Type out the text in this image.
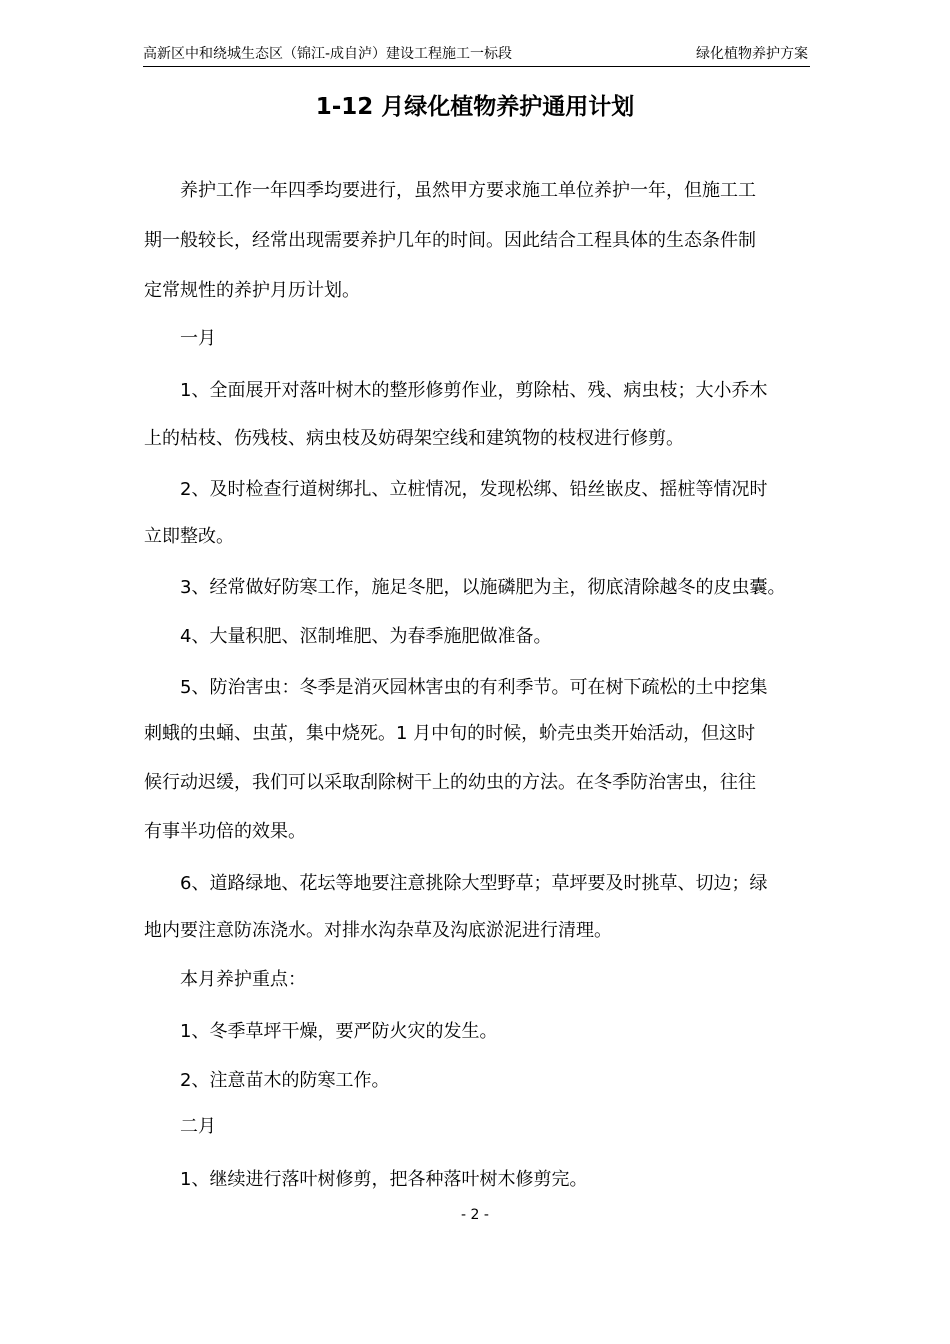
高新区中和绕城生态区（锦江-成自泸）建设工程施工一标段	绿化植物养护方案
1-12 月绿化植物养护通用计划
　　养护工作一年四季均要进行，虽然甲方要求施工单位养护一年，但施工工
期一般较长，经常出现需要养护几年的时间。因此结合工程具体的生态条件制
定常规性的养护月历计划。
　　一月
　　1、全面展开对落叶树木的整形修剪作业，剪除枯、残、病虫枝；大小乔木
上的枯枝、伤残枝、病虫枝及妨碍架空线和建筑物的枝杈进行修剪。
　　2、及时检查行道树绑扎、立桩情况，发现松绑、铅丝嵌皮、摇桩等情况时
立即整改。
　　3、经常做好防寒工作，施足冬肥，以施磷肥为主，彻底清除越冬的皮虫囊。
　　4、大量积肥、沤制堆肥、为春季施肥做准备。
　　5、防治害虫：冬季是消灭园林害虫的有利季节。可在树下疏松的土中挖集
刺蛾的虫蛹、虫茧，集中烧死。1 月中旬的时候，蚧壳虫类开始活动，但这时
候行动迟缓，我们可以采取刮除树干上的幼虫的方法。在冬季防治害虫，往往
有事半功倍的效果。
　　6、道路绿地、花坛等地要注意挑除大型野草；草坪要及时挑草、切边；绿
地内要注意防冻浇水。对排水沟杂草及沟底淤泥进行清理。
　　本月养护重点：
　　1、冬季草坪干燥，要严防火灾的发生。
　　2、注意苗木的防寒工作。
　　二月
　　1、继续进行落叶树修剪，把各种落叶树木修剪完。
- 2 -
